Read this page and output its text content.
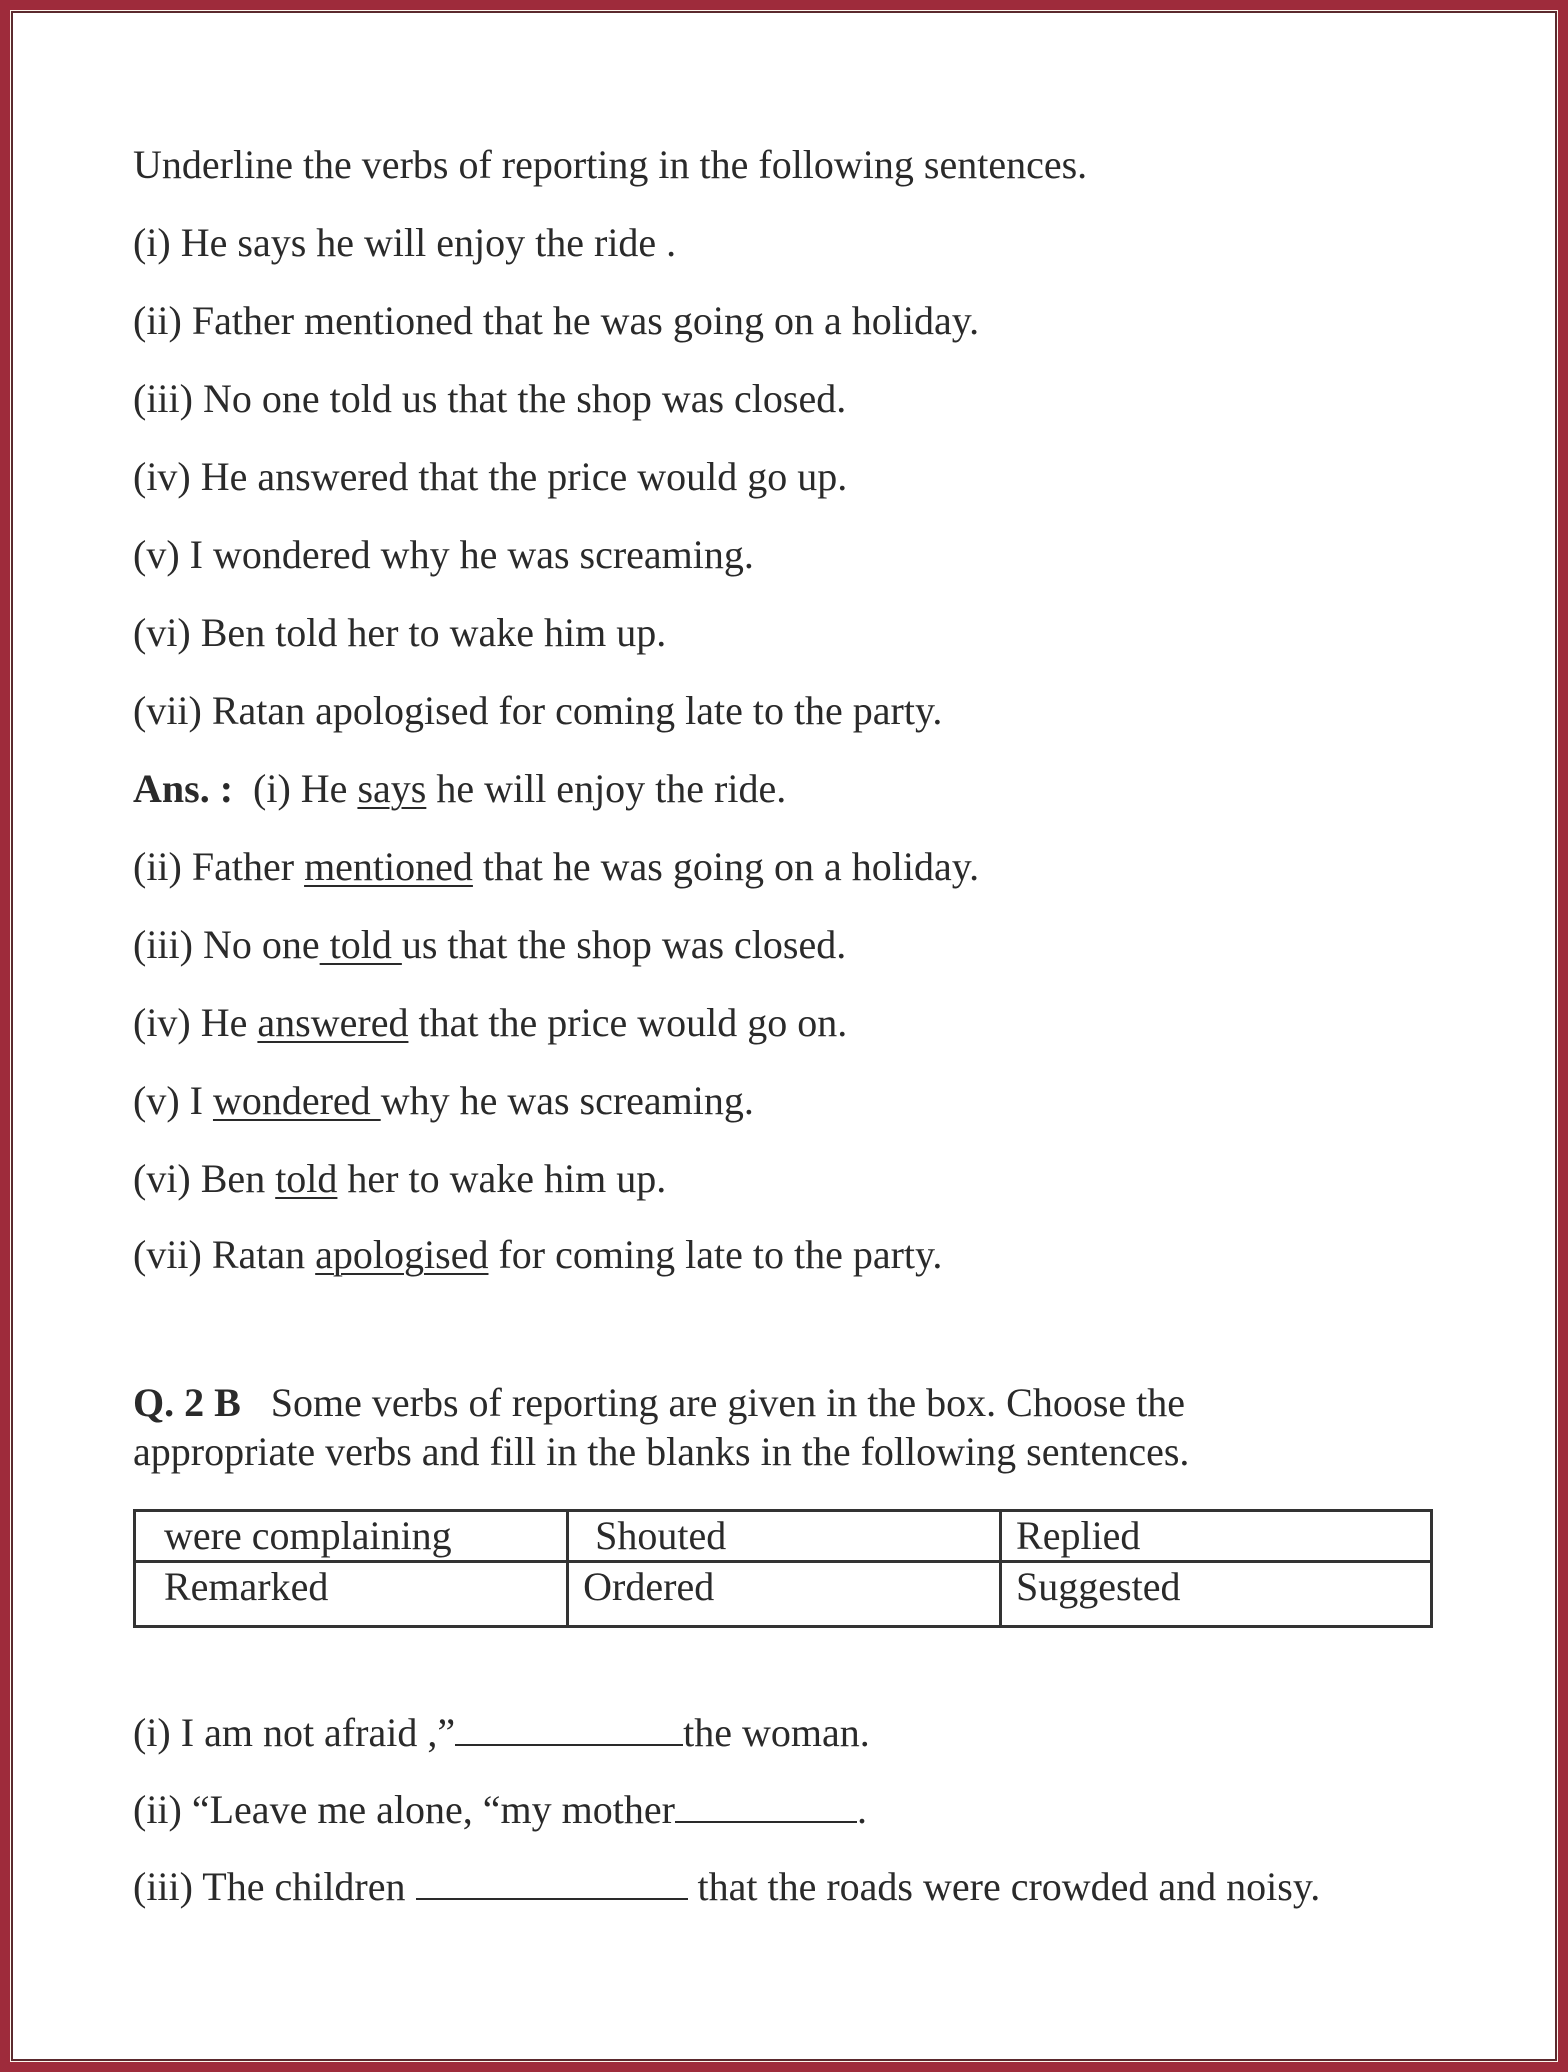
Underline the verbs of reporting in the following sentences.
(i) He says he will enjoy the ride .
(ii) Father mentioned that he was going on a holiday.
(iii) No one told us that the shop was closed.
(iv) He answered that the price would go up.
(v) I wondered why he was screaming.
(vi) Ben told her to wake him up.
(vii) Ratan apologised for coming late to the party.
Ans. : (i) He says he will enjoy the ride.
(ii) Father mentioned that he was going on a holiday.
(iii) No one told us that the shop was closed.
(iv) He answered that the price would go on.
(v) I wondered why he was screaming.
(vi) Ben told her to wake him up.
(vii) Ratan apologised for coming late to the party.
Q. 2 B Some verbs of reporting are given in the box. Choose the
appropriate verbs and fill in the blanks in the following sentences.
were complaining	Shouted	Replied
Remarked	Ordered	Suggested
(i) I am not afraid ,”	the woman.
(ii) “Leave me alone, “my mother	.
(iii) The children	that the roads were crowded and noisy.
